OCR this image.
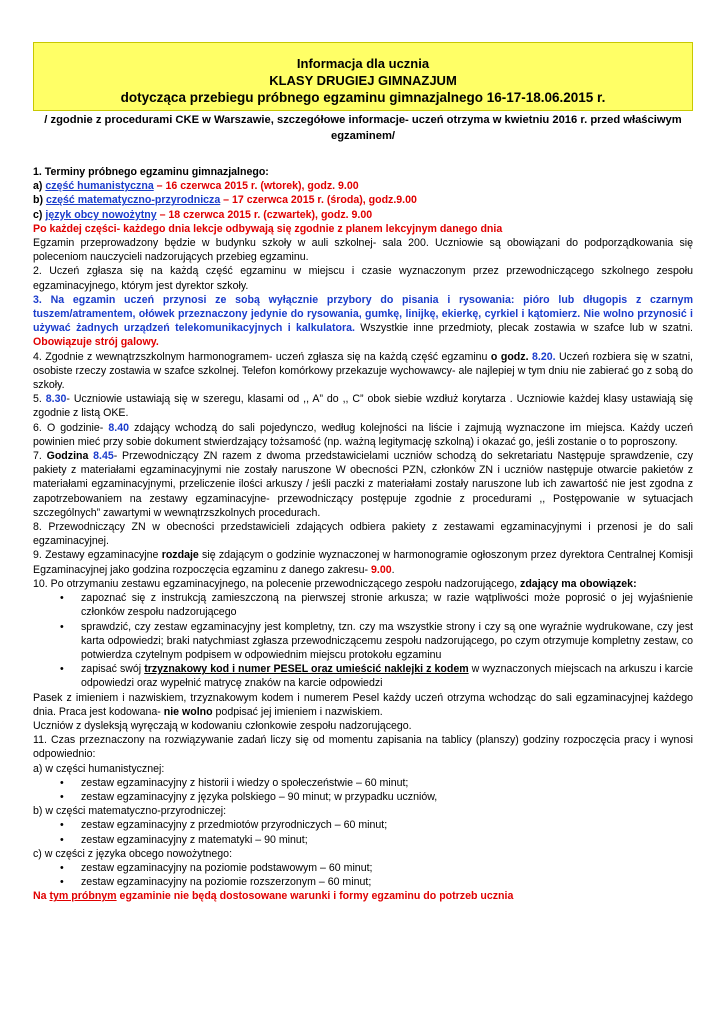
Informacja dla ucznia
KLASY DRUGIEJ GIMNAZJUM
dotycząca przebiegu próbnego egzaminu gimnazjalnego 16-17-18.06.2015 r.
/ zgodnie z procedurami CKE w Warszawie, szczegółowe informacje- uczeń otrzyma w kwietniu 2016 r. przed właściwym egzaminem/

1. Terminy próbnego egzaminu gimnazjalnego:

a) część humanistyczna – 16 czerwca 2015 r. (wtorek), godz. 9.00

b) część matematyczno-przyrodnicza – 17 czerwca 2015 r. (środa), godz.9.00

c) język obcy nowożytny – 18 czerwca 2015 r. (czwartek), godz. 9.00

Po każdej części- każdego dnia lekcje odbywają się zgodnie z planem lekcyjnym danego dnia

Egzamin przeprowadzony będzie w budynku szkoły w auli szkolnej- sala 200. Uczniowie są obowiązani do podporządkowania się poleceniom nauczycieli nadzorujących przebieg egzaminu.

2. Uczeń zgłasza się na każdą część egzaminu w miejscu i czasie wyznaczonym przez przewodniczącego szkolnego zespołu egzaminacyjnego, którym jest dyrektor szkoły.

3. Na egzamin uczeń przynosi ze sobą wyłącznie przybory do pisania i rysowania: pióro lub długopis z czarnym tuszem/atramentem, ołówek przeznaczony jedynie do rysowania, gumkę, linijkę, ekierkę, cyrkiel i kątomierz. Nie wolno przynosić i używać żadnych urządzeń telekomunikacyjnych i kalkulatora. Wszystkie inne przedmioty, plecak zostawia w szafce lub w szatni. Obowiązuje strój galowy.

4. Zgodnie z wewnątrzszkolnym harmonogramem- uczeń zgłasza się na każdą część egzaminu o godz. 8.20. Uczeń rozbiera się w szatni, osobiste rzeczy zostawia w szafce szkolnej. Telefon komórkowy przekazuje wychowawcy- ale najlepiej w tym dniu nie zabierać go z sobą do szkoły.

5. 8.30- Uczniowie ustawiają się w szeregu, klasami od ,, A” do ,, C” obok siebie wzdłuż korytarza . Uczniowie każdej klasy ustawiają się zgodnie z listą OKE.

6. O godzinie- 8.40 zdający wchodzą do sali pojedynczo, według kolejności na liście i zajmują wyznaczone im miejsca. Każdy uczeń powinien mieć przy sobie dokument stwierdzający tożsamość (np. ważną legitymację szkolną) i okazać go, jeśli zostanie o to poproszony.

7. Godzina 8.45- Przewodniczący ZN razem z dwoma przedstawicielami uczniów schodzą do sekretariatu Następuje sprawdzenie, czy pakiety z materiałami egzaminacyjnymi nie zostały naruszone W obecności PZN, członków ZN i uczniów następuje otwarcie pakietów z materiałami egzaminacyjnymi, przeliczenie ilości arkuszy / jeśli paczki z materiałami zostały naruszone lub ich zawartość nie jest zgodna z zapotrzebowaniem na zestawy egzaminacyjne- przewodniczący postępuje zgodnie z procedurami ,, Postępowanie w sytuacjach szczególnych” zawartymi w wewnątrzszkolnych procedurach.

8. Przewodniczący ZN w obecności przedstawicieli zdających odbiera pakiety z zestawami egzaminacyjnymi i przenosi je do sali egzaminacyjnej.

9. Zestawy egzaminacyjne rozdaje się zdającym o godzinie wyznaczonej w harmonogramie ogłoszonym przez dyrektora Centralnej Komisji Egzaminacyjnej jako godzina rozpoczęcia egzaminu z danego zakresu- 9.00.

10. Po otrzymaniu zestawu egzaminacyjnego, na polecenie przewodniczącego zespołu nadzorującego, zdający ma obowiązek:

• zapoznać się z instrukcją zamieszczoną na pierwszej stronie arkusza; w razie wątpliwości może poprosić o jej wyjaśnienie członków zespołu nadzorującego
• sprawdzić, czy zestaw egzaminacyjny jest kompletny, tzn. czy ma wszystkie strony i czy są one wyraźnie wydrukowane, czy jest karta odpowiedzi; braki natychmiast zgłasza przewodniczącemu zespołu nadzorującego, po czym otrzymuje kompletny zestaw, co potwierdza czytelnym podpisem w odpowiednim miejscu protokołu egzaminu
• zapisać swój trzyznakowy kod i numer PESEL oraz umieścić naklejki z kodem w wyznaczonych miejscach na arkuszu i karcie odpowiedzi oraz wypełnić matrycę znaków na karcie odpowiedzi

Pasek z imieniem i nazwiskiem, trzyznakowym kodem i numerem Pesel każdy uczeń otrzyma wchodząc do sali egzaminacyjnej każdego dnia. Praca jest kodowana- nie wolno podpisać jej imieniem i nazwiskiem.

Uczniów z dysleksją wyręczają w kodowaniu członkowie zespołu nadzorującego.

11. Czas przeznaczony na rozwiązywanie zadań liczy się od momentu zapisania na tablicy (planszy) godziny rozpoczęcia pracy i wynosi odpowiednio:

a) w części humanistycznej:

• zestaw egzaminacyjny z historii i wiedzy o społeczeństwie – 60 minut;
• zestaw egzaminacyjny z języka polskiego – 90 minut; w przypadku uczniów,

b) w części matematyczno-przyrodniczej:

• zestaw egzaminacyjny z przedmiotów przyrodniczych – 60 minut;
• zestaw egzaminacyjny z matematyki – 90 minut;

c) w części z języka obcego nowożytnego:

• zestaw egzaminacyjny na poziomie podstawowym – 60 minut;
• zestaw egzaminacyjny na poziomie rozszerzonym – 60 minut;

Na tym próbnym egzaminie nie będą dostosowane warunki i formy egzaminu do potrzeb ucznia
